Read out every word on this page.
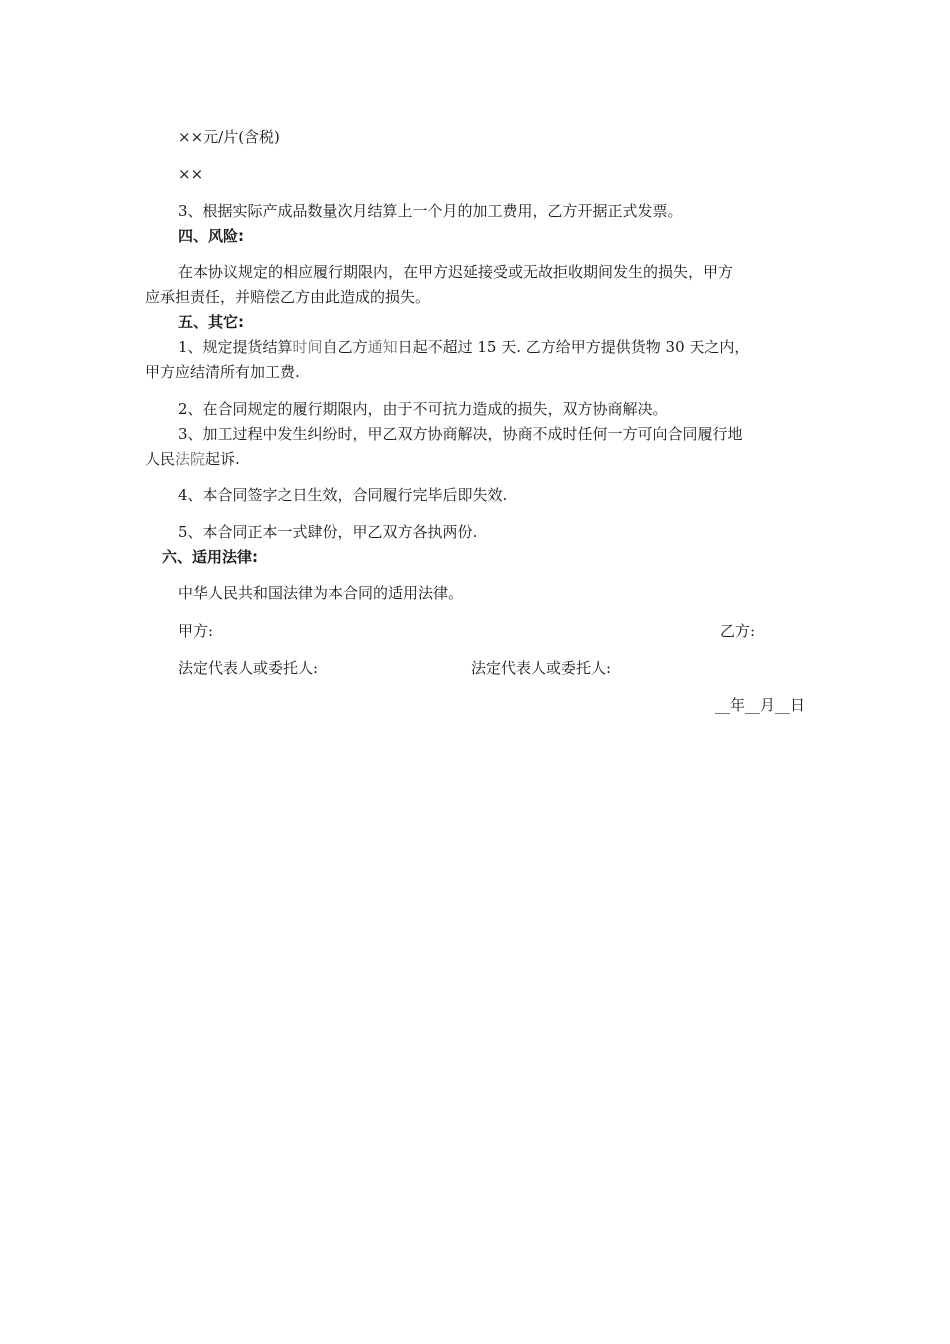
××元/片(含税)
××
3、根据实际产成品数量次月结算上一个月的加工费用，乙方开据正式发票。
四、风险:
在本协议规定的相应履行期限内，在甲方迟延接受或无故拒收期间发生的损失，甲方
应承担责任，并赔偿乙方由此造成的损失。
五、其它:
1、规定提货结算时间自乙方通知日起不超过 15 天. 乙方给甲方提供货物 30 天之内，
甲方应结清所有加工费.
2、在合同规定的履行期限内，由于不可抗力造成的损失，双方协商解决。
3、加工过程中发生纠纷时，甲乙双方协商解决，协商不成时任何一方可向合同履行地
人民法院起诉.
4、本合同签字之日生效，合同履行完毕后即失效.
5、本合同正本一式肆份，甲乙双方各执两份.
六、适用法律:
中华人民共和国法律为本合同的适用法律。
甲方:	乙方:
法定代表人或委托人:	法定代表人或委托人:
__年__月__日
